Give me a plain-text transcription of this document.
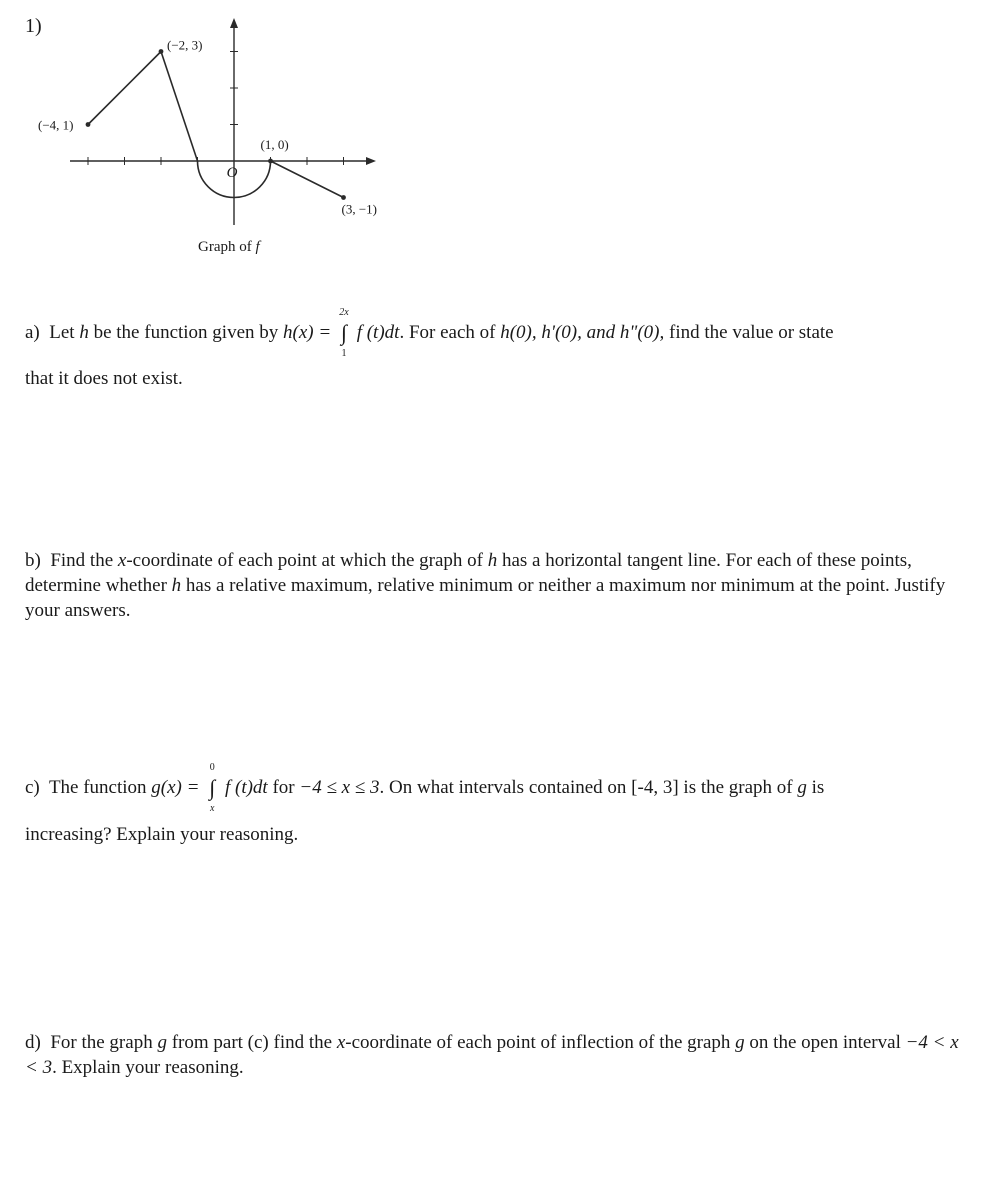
1)
(−4, 1)
(−2, 3)
(1, 0)
(3, −1)
O
Graph of f
a) Let h be the function given by h(x) =
2x
∫
1
f (t)dt. For each of h(0), h'(0), and h"(0), find the value or state
that it does not exist.
b) Find the x-coordinate of each point at which the graph of h has a horizontal tangent line. For each of these points, determine whether h has a relative maximum, relative minimum or neither a maximum nor minimum at the point. Justify your answers.
c) The function g(x) =
0
∫
x
f (t)dt for −4 ≤ x ≤ 3. On what intervals contained on [-4, 3] is the graph of g is
increasing? Explain your reasoning.
d) For the graph g from part (c) find the x-coordinate of each point of inflection of the graph g on the open interval −4 < x < 3. Explain your reasoning.
